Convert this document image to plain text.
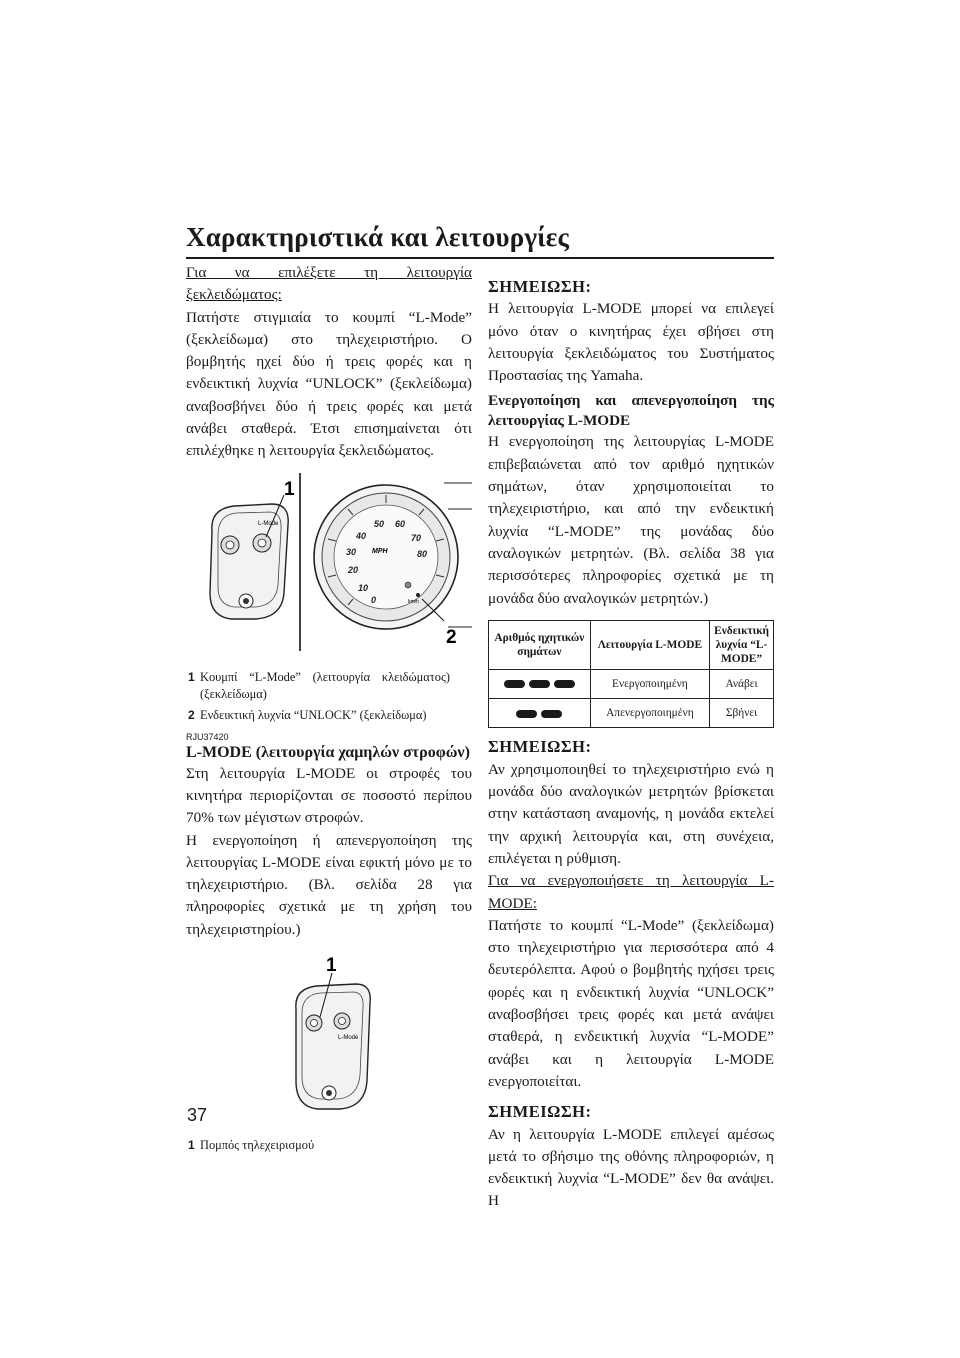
Χαρακτηριστικά και λειτουργίες

Για να επιλέξετε τη λειτουργία ξεκλειδώματος:

Πατήστε στιγμιαία το κουμπί “L-Mode” (ξεκλείδωμα) στο τηλεχειριστήριο. Ο βομβητής ηχεί δύο ή τρεις φορές και η ενδεικτική λυχνία “UNLOCK” (ξεκλείδωμα) αναβοσβήνει δύο ή τρεις φορές και μετά ανάβει σταθερά. Έτσι επισημαίνεται ότι επιλέχθηκε η λειτουργία ξεκλειδώματος.

L-Mode
1
50 60
40	70
30	80
20
10
0
MPH
km/h
2

1 Κουμπί “L-Mode” (λειτουργία κλειδώματος) (ξεκλείδωμα)

2 Ενδεικτική λυχνία “UNLOCK” (ξεκλείδωμα)

RJU37420

L-MODE (λειτουργία χαμηλών στροφών)

Στη λειτουργία L-MODE οι στροφές του κινητήρα περιορίζονται σε ποσοστό περίπου 70% των μέγιστων στροφών.

Η ενεργοποίηση ή απενεργοποίηση της λειτουργίας L-MODE είναι εφικτή μόνο με το τηλεχειριστήριο. (Βλ. σελίδα 28 για πληροφορίες σχετικά με τη χρήση του τηλεχειριστηρίου.)

L-Mode
1

1 Πομπός τηλεχειρισμού

ΣΗΜΕΙΩΣΗ:

Η λειτουργία L-MODE μπορεί να επιλεγεί μόνο όταν ο κινητήρας έχει σβήσει στη λειτουργία ξεκλειδώματος του Συστήματος Προστασίας της Yamaha.

Ενεργοποίηση και απενεργοποίηση της λειτουργίας L-MODE

Η ενεργοποίηση της λειτουργίας L-MODE επιβεβαιώνεται από τον αριθμό ηχητικών σημάτων, όταν χρησιμοποιείται το τηλεχειριστήριο, και από την ενδεικτική λυχνία “L-MODE” της μονάδας δύο αναλογικών μετρητών. (Βλ. σελίδα 38 για περισσότερες πληροφορίες σχετικά με τη μονάδα δύο αναλογικών μετρητών.)

Αριθμός ηχητικών σημάτων	Λειτουργία L-MODE	Ενδεικτική λυχνία “L-MODE”
	Ενεργοποιημένη	Ανάβει
	Απενεργοποιημένη	Σβήνει

ΣΗΜΕΙΩΣΗ:

Αν χρησιμοποιηθεί το τηλεχειριστήριο ενώ η μονάδα δύο αναλογικών μετρητών βρίσκεται στην κατάσταση αναμονής, η μονάδα εκτελεί την αρχική λειτουργία και, στη συνέχεια, επιλέγεται η ρύθμιση.

Για να ενεργοποιήσετε τη λειτουργία L-MODE:

Πατήστε το κουμπί “L-Mode” (ξεκλείδωμα) στο τηλεχειριστήριο για περισσότερα από 4 δευτερόλεπτα. Αφού ο βομβητής ηχήσει τρεις φορές και η ενδεικτική λυχνία “UNLOCK” αναβοσβήσει τρεις φορές και μετά ανάψει σταθερά, η ενδεικτική λυχνία “L-MODE” ανάβει και η λειτουργία L-MODE ενεργοποιείται.

ΣΗΜΕΙΩΣΗ:

Αν η λειτουργία L-MODE επιλεγεί αμέσως μετά το σβήσιμο της οθόνης πληροφοριών, η ενδεικτική λυχνία “L-MODE” δεν θα ανάψει. Η

37
